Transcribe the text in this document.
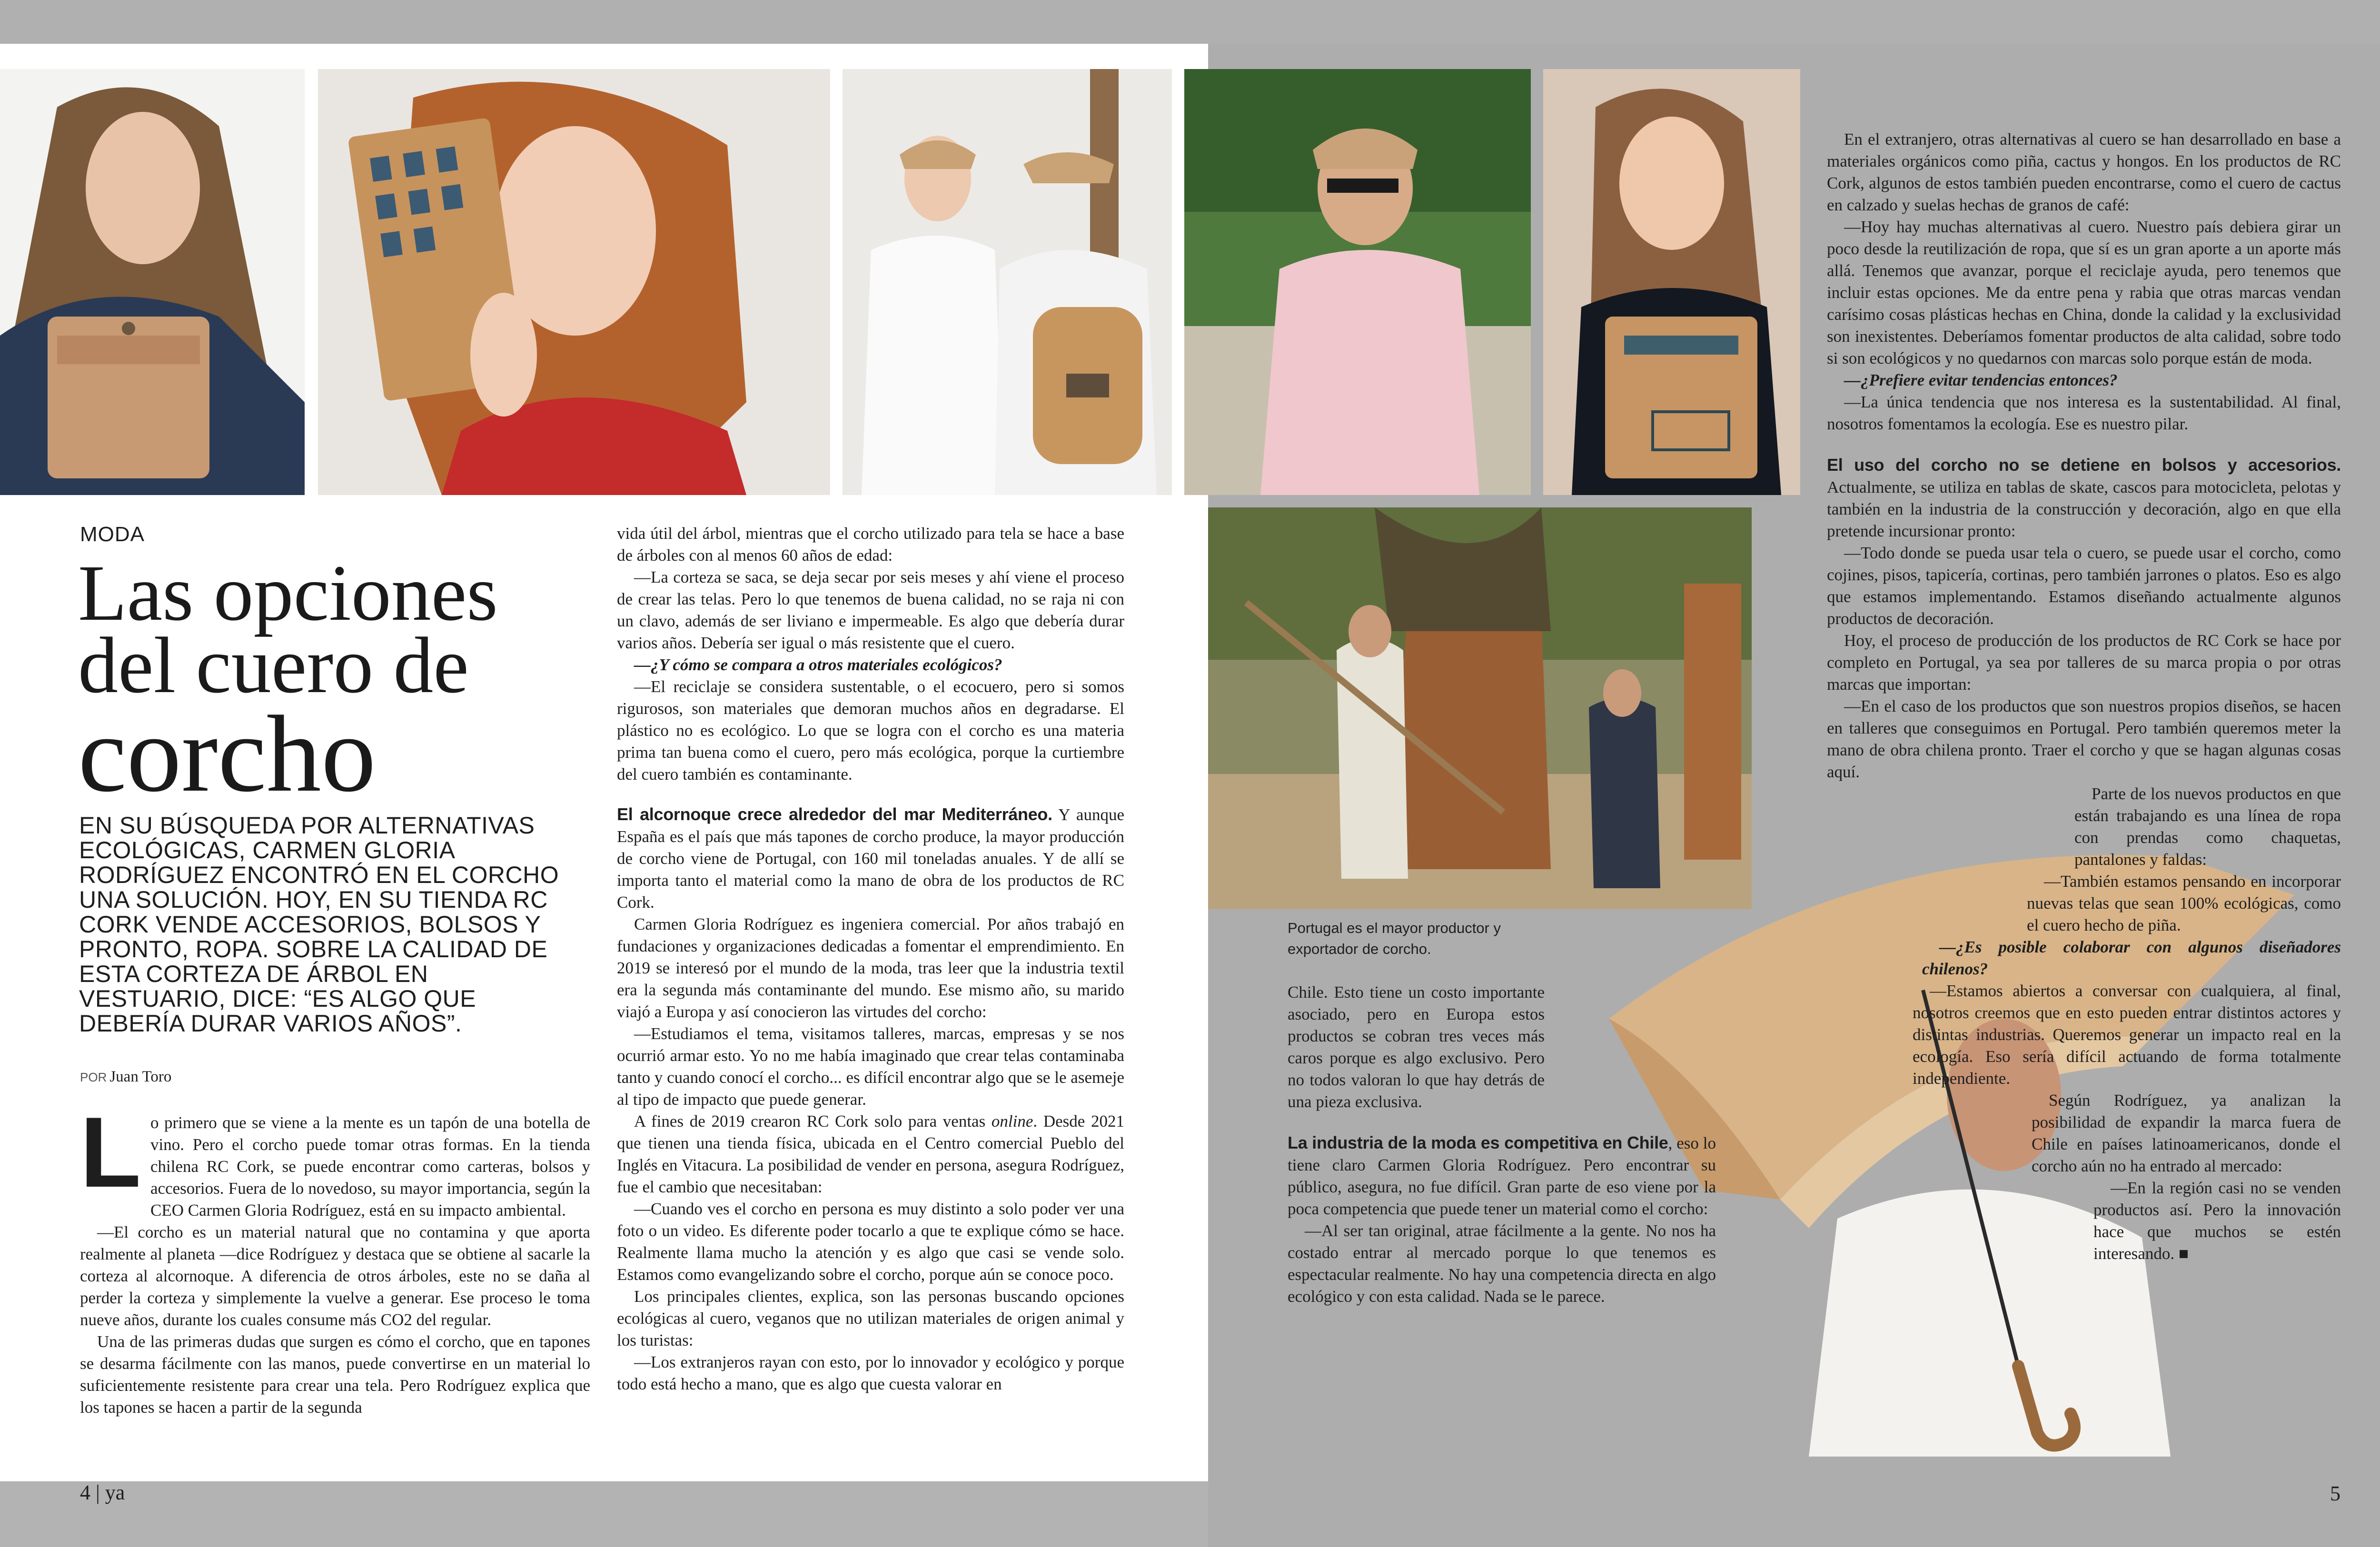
MODA
Las opciones
del cuero de
corcho
EN SU BÚSQUEDA POR ALTERNATIVAS ECOLÓGICAS, CARMEN GLORIA RODRÍGUEZ ENCONTRÓ EN EL CORCHO UNA SOLUCIÓN. HOY, EN SU TIENDA RC CORK VENDE ACCESORIOS, BOLSOS Y PRONTO, ROPA. SOBRE LA CALIDAD DE ESTA CORTEZA DE ÁRBOL EN VESTUARIO, DICE: “ES ALGO QUE DEBERÍA DURAR VARIOS AÑOS”.
POR Juan Toro
L o primero que se viene a la mente es un tapón de una botella de vino. Pero el corcho puede tomar otras formas. En la tienda chilena RC Cork, se puede encontrar como carteras, bolsos y accesorios. Fuera de lo novedoso, su mayor importancia, según la CEO Carmen Gloria Rodríguez, está en su impacto ambiental.

—El corcho es un material natural que no contamina y que aporta realmente al planeta —dice Rodríguez y destaca que se obtiene al sacarle la corteza al alcornoque. A diferencia de otros árboles, este no se daña al perder la corteza y simplemente la vuelve a generar. Ese proceso le toma nueve años, durante los cuales consume más CO2 del regular.

Una de las primeras dudas que surgen es cómo el corcho, que en tapones se desarma fácilmente con las manos, puede convertirse en un material lo suficientemente resistente para crear una tela. Pero Rodríguez explica que los tapones se hacen a partir de la segunda

vida útil del árbol, mientras que el corcho utilizado para tela se hace a base de árboles con al menos 60 años de edad:

—La corteza se saca, se deja secar por seis meses y ahí viene el proceso de crear las telas. Pero lo que tenemos de buena calidad, no se raja ni con un clavo, además de ser liviano e impermeable. Es algo que debería durar varios años. Debería ser igual o más resistente que el cuero.

—¿Y cómo se compara a otros materiales ecológicos?

—El reciclaje se considera sustentable, o el ecocuero, pero si somos rigurosos, son materiales que demoran muchos años en degradarse. El plástico no es ecológico. Lo que se logra con el corcho es una materia prima tan buena como el cuero, pero más ecológica, porque la curtiembre del cuero también es contaminante.

El alcornoque crece alrededor del mar Mediterráneo. Y aunque España es el país que más tapones de corcho produce, la mayor producción de corcho viene de Portugal, con 160 mil toneladas anuales. Y de allí se importa tanto el material como la mano de obra de los productos de RC Cork.

Carmen Gloria Rodríguez es ingeniera comercial. Por años trabajó en fundaciones y organizaciones dedicadas a fomentar el emprendimiento. En 2019 se interesó por el mundo de la moda, tras leer que la industria textil era la segunda más contaminante del mundo. Ese mismo año, su marido viajó a Europa y así conocieron las virtudes del corcho:

—Estudiamos el tema, visitamos talleres, marcas, empresas y se nos ocurrió armar esto. Yo no me había imaginado que crear telas contaminaba tanto y cuando conocí el corcho... es difícil encontrar algo que se le asemeje al tipo de impacto que puede generar.

A fines de 2019 crearon RC Cork solo para ventas online. Desde 2021 que tienen una tienda física, ubicada en el Centro comercial Pueblo del Inglés en Vitacura. La posibilidad de vender en persona, asegura Rodríguez, fue el cambio que necesitaban:

—Cuando ves el corcho en persona es muy distinto a solo poder ver una foto o un video. Es diferente poder tocarlo a que te explique cómo se hace. Realmente llama mucho la atención y es algo que casi se vende solo. Estamos como evangelizando sobre el corcho, porque aún se conoce poco.

Los principales clientes, explica, son las personas buscando opciones ecológicas al cuero, veganos que no utilizan materiales de origen animal y los turistas:

—Los extranjeros rayan con esto, por lo innovador y ecológico y porque todo está hecho a mano, que es algo que cuesta valorar en

Portugal es el mayor productor y exportador de corcho.

Chile. Esto tiene un costo importante asociado, pero en Europa estos productos se cobran tres veces más caros porque es algo exclusivo. Pero no todos valoran lo que hay detrás de una pieza exclusiva.

La industria de la moda es competitiva en Chile, eso lo tiene claro Carmen Gloria Rodríguez. Pero encontrar su público, asegura, no fue difícil. Gran parte de eso viene por la poca competencia que puede tener un material como el corcho:

—Al ser tan original, atrae fácilmente a la gente. No nos ha costado entrar al mercado porque lo que tenemos es espectacular realmente. No hay una competencia directa en algo ecológico y con esta calidad. Nada se le parece.

En el extranjero, otras alternativas al cuero se han desarrollado en base a materiales orgánicos como piña, cactus y hongos. En los productos de RC Cork, algunos de estos también pueden encontrarse, como el cuero de cactus en calzado y suelas hechas de granos de café:

—Hoy hay muchas alternativas al cuero. Nuestro país debiera girar un poco desde la reutilización de ropa, que sí es un gran aporte a un aporte más allá. Tenemos que avanzar, porque el reciclaje ayuda, pero tenemos que incluir estas opciones. Me da entre pena y rabia que otras marcas vendan carísimo cosas plásticas hechas en China, donde la calidad y la exclusividad son inexistentes. Deberíamos fomentar productos de alta calidad, sobre todo si son ecológicos y no quedarnos con marcas solo porque están de moda.

—¿Prefiere evitar tendencias entonces?

—La única tendencia que nos interesa es la sustentabilidad. Al final, nosotros fomentamos la ecología. Ese es nuestro pilar.

El uso del corcho no se detiene en bolsos y accesorios. Actualmente, se utiliza en tablas de skate, cascos para motocicleta, pelotas y también en la industria de la construcción y decoración, algo en que ella pretende incursionar pronto:

—Todo donde se pueda usar tela o cuero, se puede usar el corcho, como cojines, pisos, tapicería, cortinas, pero también jarrones o platos. Eso es algo que estamos implementando. Estamos diseñando actualmente algunos productos de decoración.

Hoy, el proceso de producción de los productos de RC Cork se hace por completo en Portugal, ya sea por talleres de su marca propia o por otras marcas que importan:

—En el caso de los productos que son nuestros propios diseños, se hacen en talleres que conseguimos en Portugal. Pero también queremos meter la mano de obra chilena pronto. Traer el corcho y que se hagan algunas cosas aquí.

Parte de los nuevos productos en que están trabajando es una línea de ropa con prendas como chaquetas, pantalones y faldas:

—También estamos pensando en incorporar nuevas telas que sean 100% ecológicas, como el cuero hecho de piña.

—¿Es posible colaborar con algunos diseñadores chilenos?

—Estamos abiertos a conversar con cualquiera, al final, nosotros creemos que en esto pueden entrar distintos actores y distintas industrias. Queremos generar un impacto real en la ecología. Eso sería difícil actuando de forma totalmente independiente.

Según Rodríguez, ya analizan la posibilidad de expandir la marca fuera de Chile en países latinoamericanos, donde el corcho aún no ha entrado al mercado:

—En la región casi no se venden productos así. Pero la innovación hace que muchos se estén interesando. ■

4 | ya	5
